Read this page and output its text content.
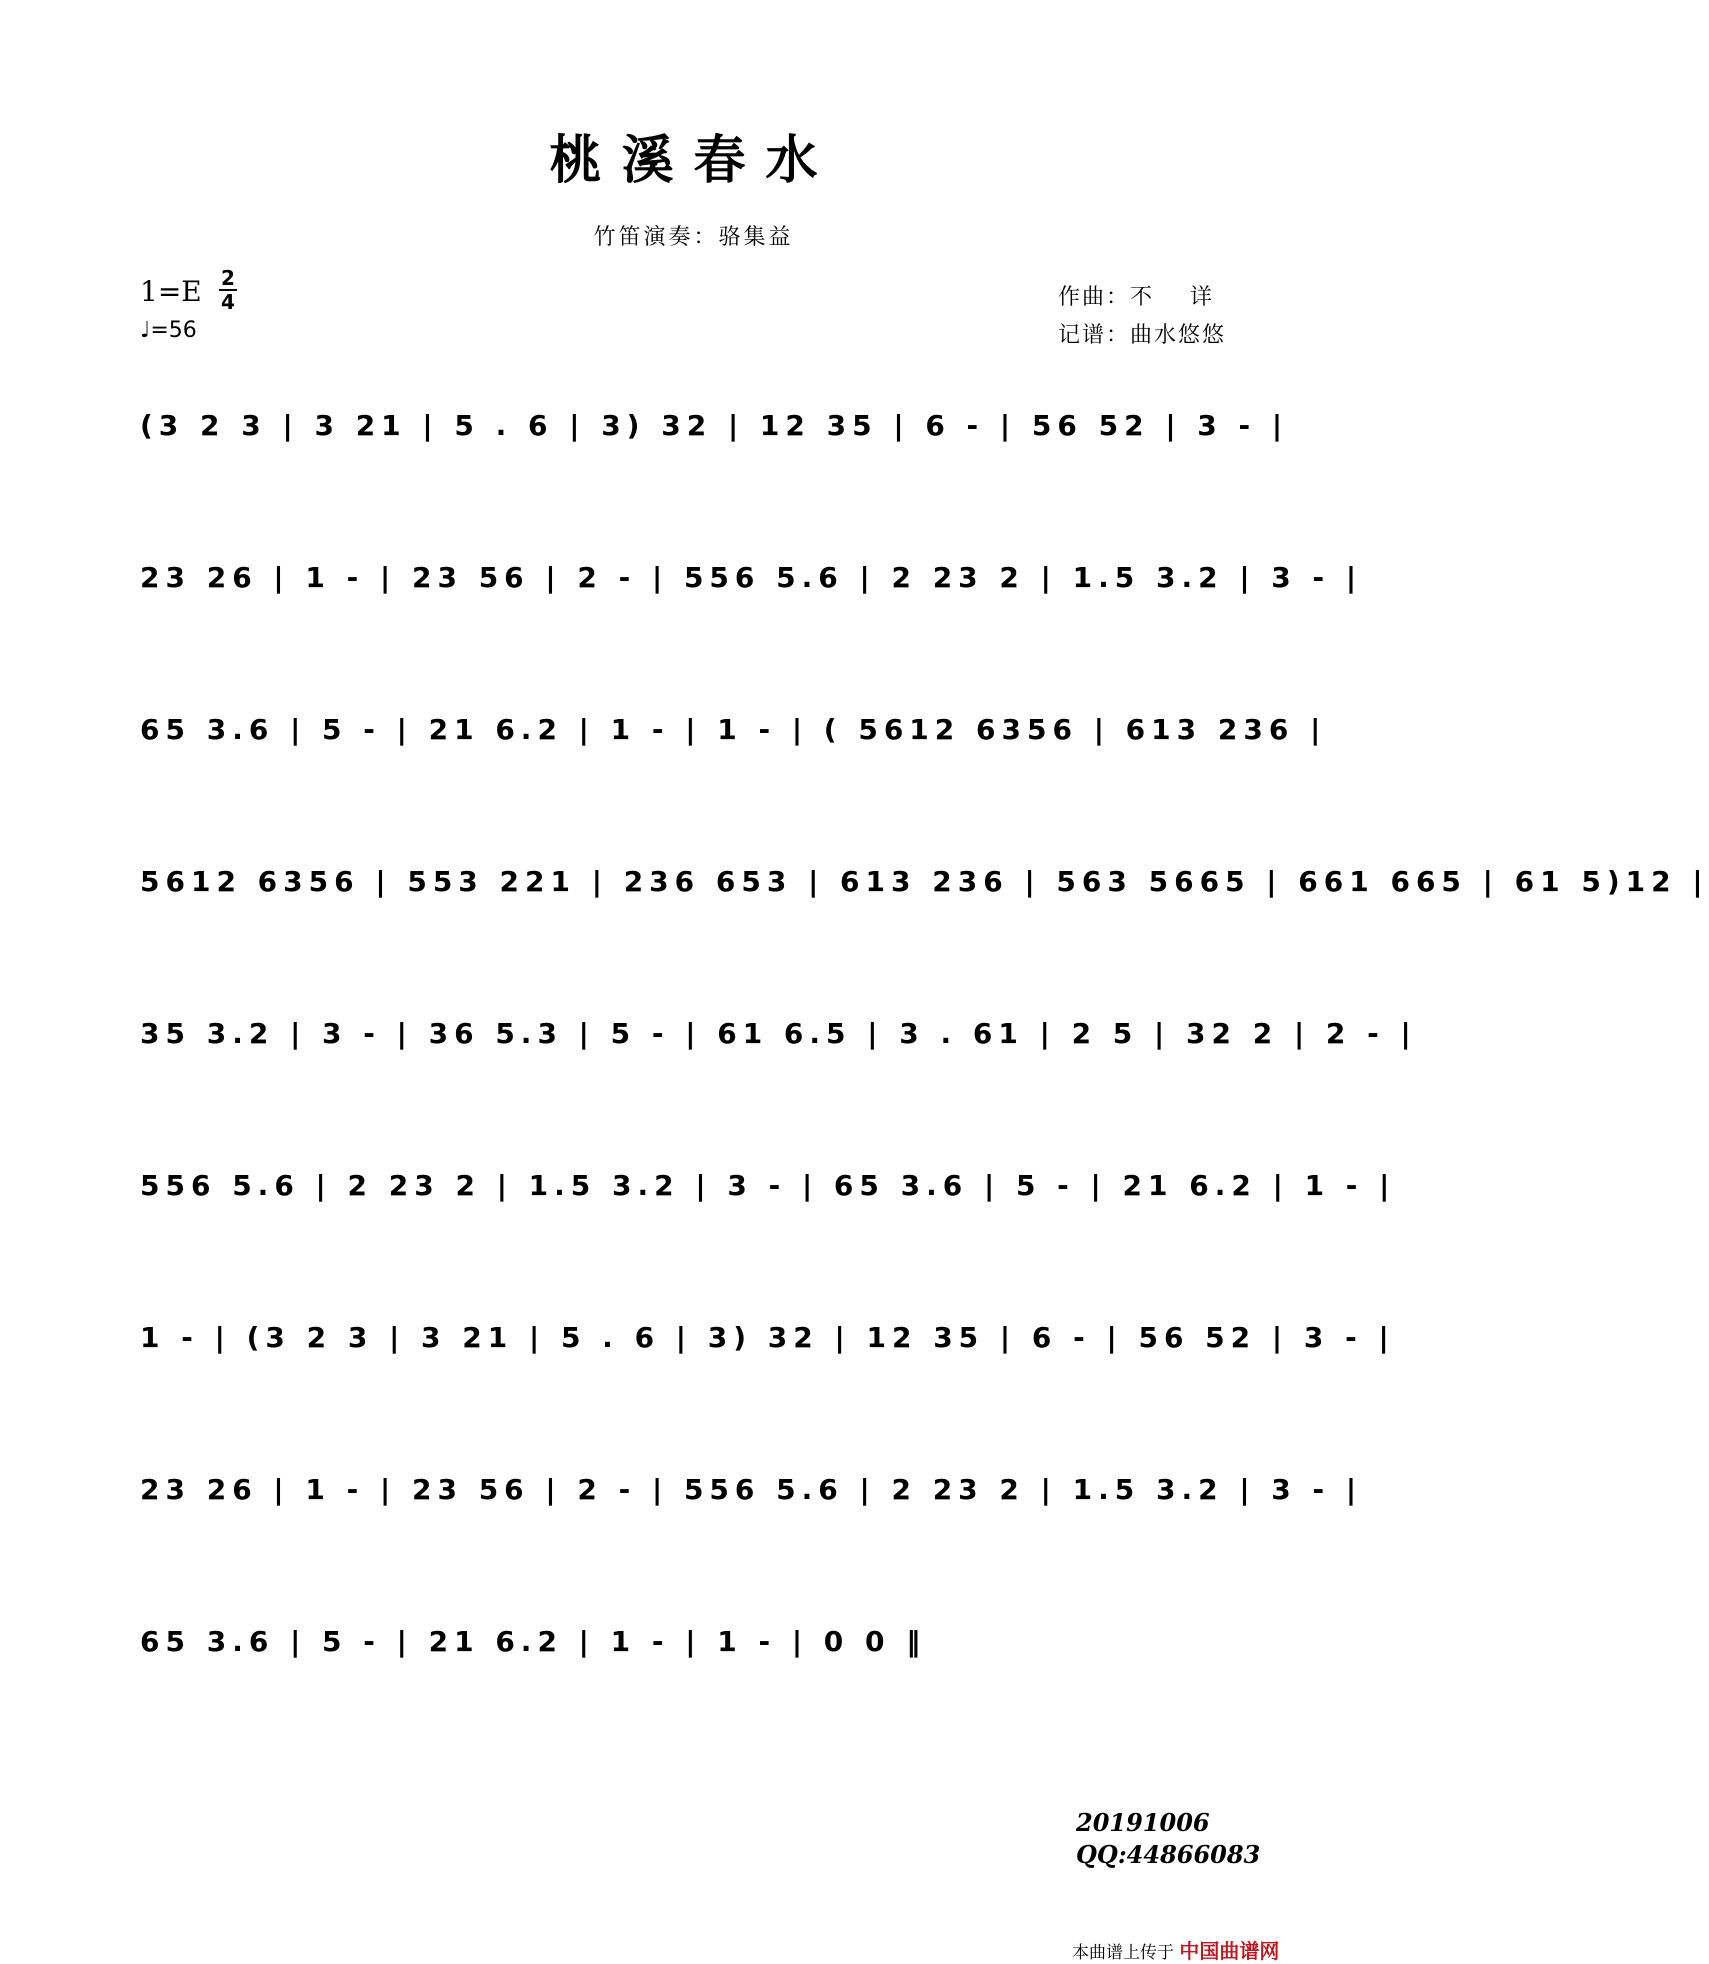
桃溪春水
竹笛演奏：骆集益
1=E 2
4
♩=56
作曲：不    详
记谱：曲水悠悠
(3 2 3 | 3 21 | 5 . 6 | 3) 32 | 12 35 | 6 - | 56 52 | 3 - |
23 26 | 1 - | 23 56 | 2 - | 556 5.6 | 2 23 2 | 1.5 3.2 | 3 - |
65 3.6 | 5 - | 21 6.2 | 1 - | 1 - | ( 5612 6356 | 613 236 |
5612 6356 | 553 221 | 236 653 | 613 236 | 563 5665 | 661 665 | 61 5)12 |
35 3.2 | 3 - | 36 5.3 | 5 - | 61 6.5 | 3 . 61 | 2 5 | 32 2 | 2 - |
556 5.6 | 2 23 2 | 1.5 3.2 | 3 - | 65 3.6 | 5 - | 21 6.2 | 1 - |
1 - | (3 2 3 | 3 21 | 5 . 6 | 3) 32 | 12 35 | 6 - | 56 52 | 3 - |
23 26 | 1 - | 23 56 | 2 - | 556 5.6 | 2 23 2 | 1.5 3.2 | 3 - |
65 3.6 | 5 - | 21 6.2 | 1 - | 1 - | 0 0 ‖
20191006
QQ:44866083
本曲谱上传于 中国曲谱网
